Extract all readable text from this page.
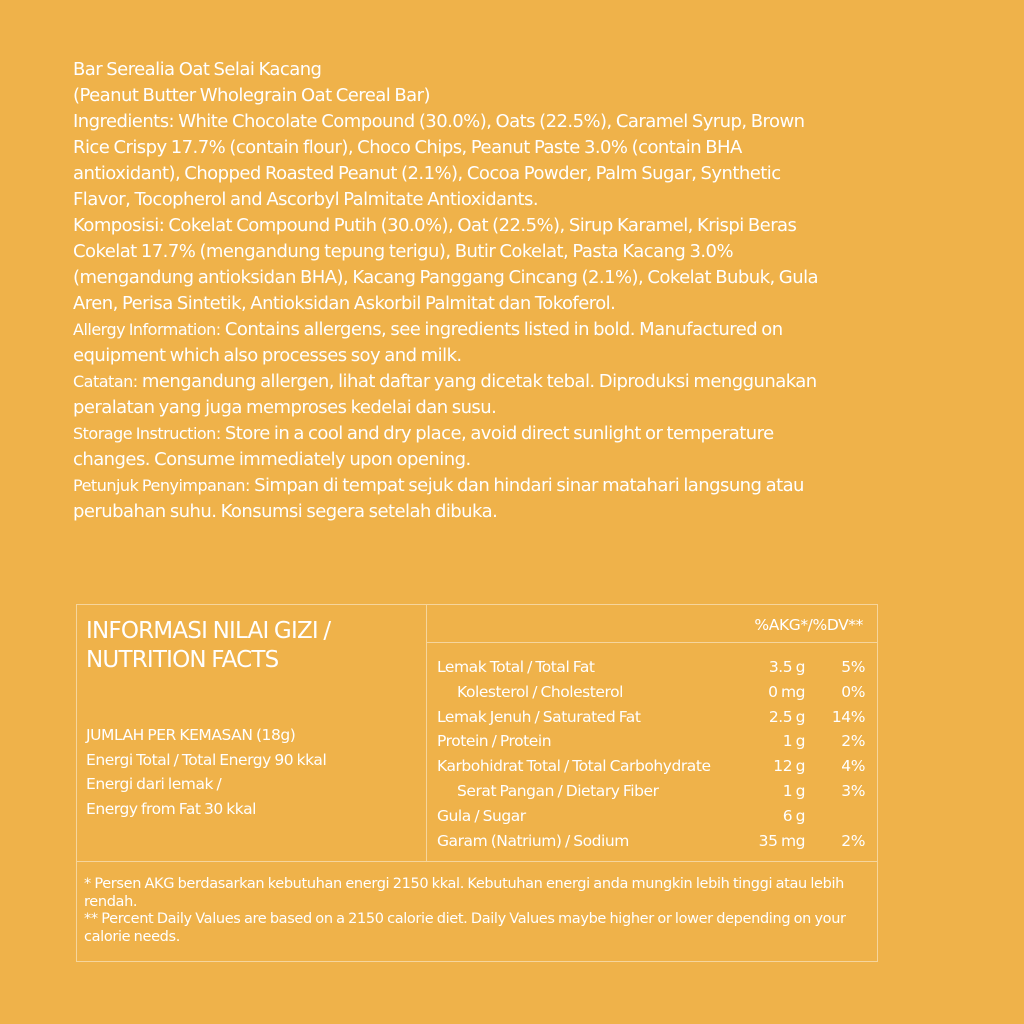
Bar Serealia Oat Selai Kacang

(Peanut Butter Wholegrain Oat Cereal Bar)

Ingredients: White Chocolate Compound (30.0%), Oats (22.5%), Caramel Syrup, Brown Rice Crispy 17.7% (contain flour), Choco Chips, Peanut Paste 3.0% (contain BHA antioxidant), Chopped Roasted Peanut (2.1%), Cocoa Powder, Palm Sugar, Synthetic Flavor, Tocopherol and Ascorbyl Palmitate Antioxidants.

Komposisi: Cokelat Compound Putih (30.0%), Oat (22.5%), Sirup Karamel, Krispi Beras Cokelat 17.7% (mengandung tepung terigu), Butir Cokelat, Pasta Kacang 3.0% (mengandung antioksidan BHA), Kacang Panggang Cincang (2.1%), Cokelat Bubuk, Gula Aren, Perisa Sintetik, Antioksidan Askorbil Palmitat dan Tokoferol.

Allergy Information: Contains allergens, see ingredients listed in bold. Manufactured on equipment which also processes soy and milk.

Catatan: mengandung allergen, lihat daftar yang dicetak tebal. Diproduksi menggunakan peralatan yang juga memproses kedelai dan susu.

Storage Instruction: Store in a cool and dry place, avoid direct sunlight or temperature changes. Consume immediately upon opening.

Petunjuk Penyimpanan: Simpan di tempat sejuk dan hindari sinar matahari langsung atau perubahan suhu. Konsumsi segera setelah dibuka.

INFORMASI NILAI GIZI /
NUTRITION FACTS
JUMLAH PER KEMASAN (18g)
Energi Total / Total Energy 90 kkal
Energi dari lemak /
Energy from Fat 30 kkal
%AKG*/%DV**
Lemak Total / Total Fat	3.5 g 5%
Kolesterol / Cholesterol	0 mg 0%
Lemak Jenuh / Saturated Fat	2.5 g 14%
Protein / Protein	1 g 2%
Karbohidrat Total / Total Carbohydrate	12 g 4%
Serat Pangan / Dietary Fiber	1 g 3%
Gula / Sugar	6 g
Garam (Natrium) / Sodium	35 mg 2%

* Persen AKG berdasarkan kebutuhan energi 2150 kkal. Kebutuhan energi anda mungkin lebih tinggi atau lebih rendah.

** Percent Daily Values are based on a 2150 calorie diet. Daily Values maybe higher or lower depending on your calorie needs.
